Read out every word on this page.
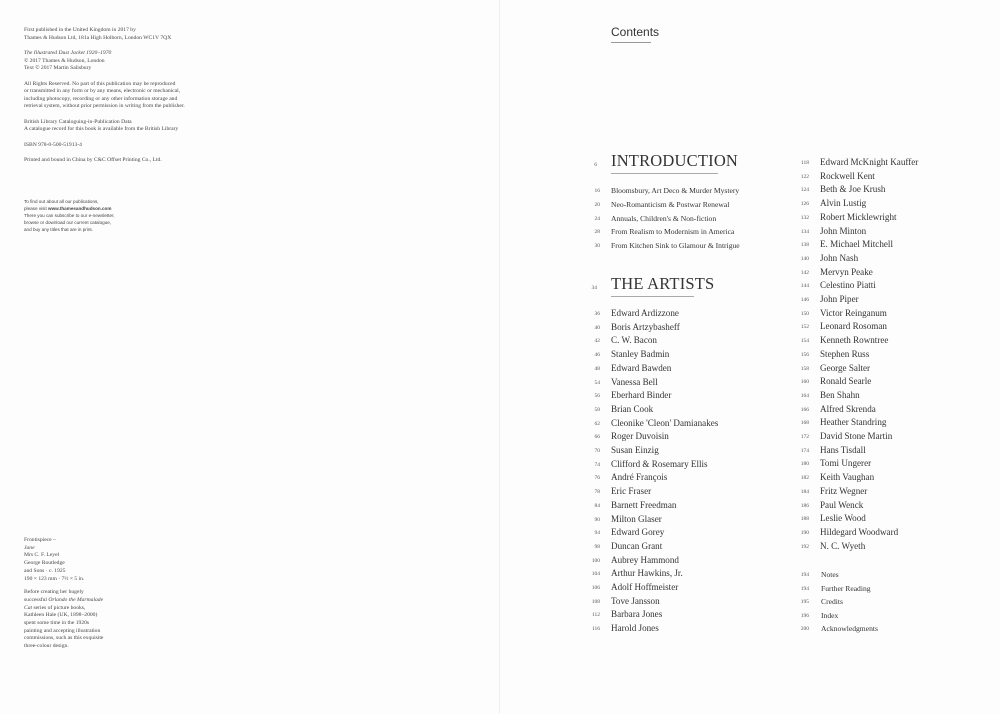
First published in the United Kingdom in 2017 by
Thames & Hudson Ltd, 181a High Holborn, London WC1V 7QX

The Illustrated Dust Jacket 1920–1970
© 2017 Thames & Hudson, London
Text © 2017 Martin Salisbury

All Rights Reserved. No part of this publication may be reproduced
or transmitted in any form or by any means, electronic or mechanical,
including photocopy, recording or any other information storage and
retrieval system, without prior permission in writing from the publisher.

British Library Cataloguing-in-Publication Data
A catalogue record for this book is available from the British Library

ISBN 978-0-500-51913-4

Printed and bound in China by C&C Offset Printing Co., Ltd.

To find out about all our publications,
please visit www.thamesandhudson.com
There you can subscribe to our e-newsletter,
browse or download our current catalogue,
and buy any titles that are in print.

Frontispiece –
Jane
Mrs C. F. Leyel
George Routledge
and Sons · c. 1925
190 × 123 mm · 7½ × 5 in.

Before creating her hugely
successful Orlando the Marmalade
Cat series of picture books,
Kathleen Hale (UK, 1898–2000)
spent some time in the 1920s
painting and accepting illustration
commissions, such as this exquisite
three-colour design.

Contents
6 INTRODUCTION
34 THE ARTISTS
16 Bloomsbury, Art Deco & Murder Mystery
20 Neo-Romanticism & Postwar Renewal
24 Annuals, Children's & Non-fiction
28 From Realism to Modernism in America
30 From Kitchen Sink to Glamour & Intrigue
36 Edward Ardizzone
40 Boris Artzybasheff
42 C. W. Bacon
46 Stanley Badmin
48 Edward Bawden
54 Vanessa Bell
56 Eberhard Binder
58 Brian Cook
62 Cleonike 'Cleon' Damianakes
66 Roger Duvoisin
70 Susan Einzig
74 Clifford & Rosemary Ellis
76 André François
78 Eric Fraser
84 Barnett Freedman
90 Milton Glaser
94 Edward Gorey
98 Duncan Grant
100 Aubrey Hammond
104 Arthur Hawkins, Jr.
106 Adolf Hoffmeister
108 Tove Jansson
112 Barbara Jones
116 Harold Jones
118 Edward McKnight Kauffer
122 Rockwell Kent
124 Beth & Joe Krush
126 Alvin Lustig
132 Robert Micklewright
134 John Minton
138 E. Michael Mitchell
140 John Nash
142 Mervyn Peake
144 Celestino Piatti
146 John Piper
150 Victor Reinganum
152 Leonard Rosoman
154 Kenneth Rowntree
156 Stephen Russ
158 George Salter
160 Ronald Searle
164 Ben Shahn
166 Alfred Skrenda
168 Heather Standring
172 David Stone Martin
174 Hans Tisdall
180 Tomi Ungerer
182 Keith Vaughan
184 Fritz Wegner
186 Paul Wenck
188 Leslie Wood
190 Hildegard Woodward
192 N. C. Wyeth
194 Notes
194 Further Reading
195 Credits
196 Index
200 Acknowledgments
